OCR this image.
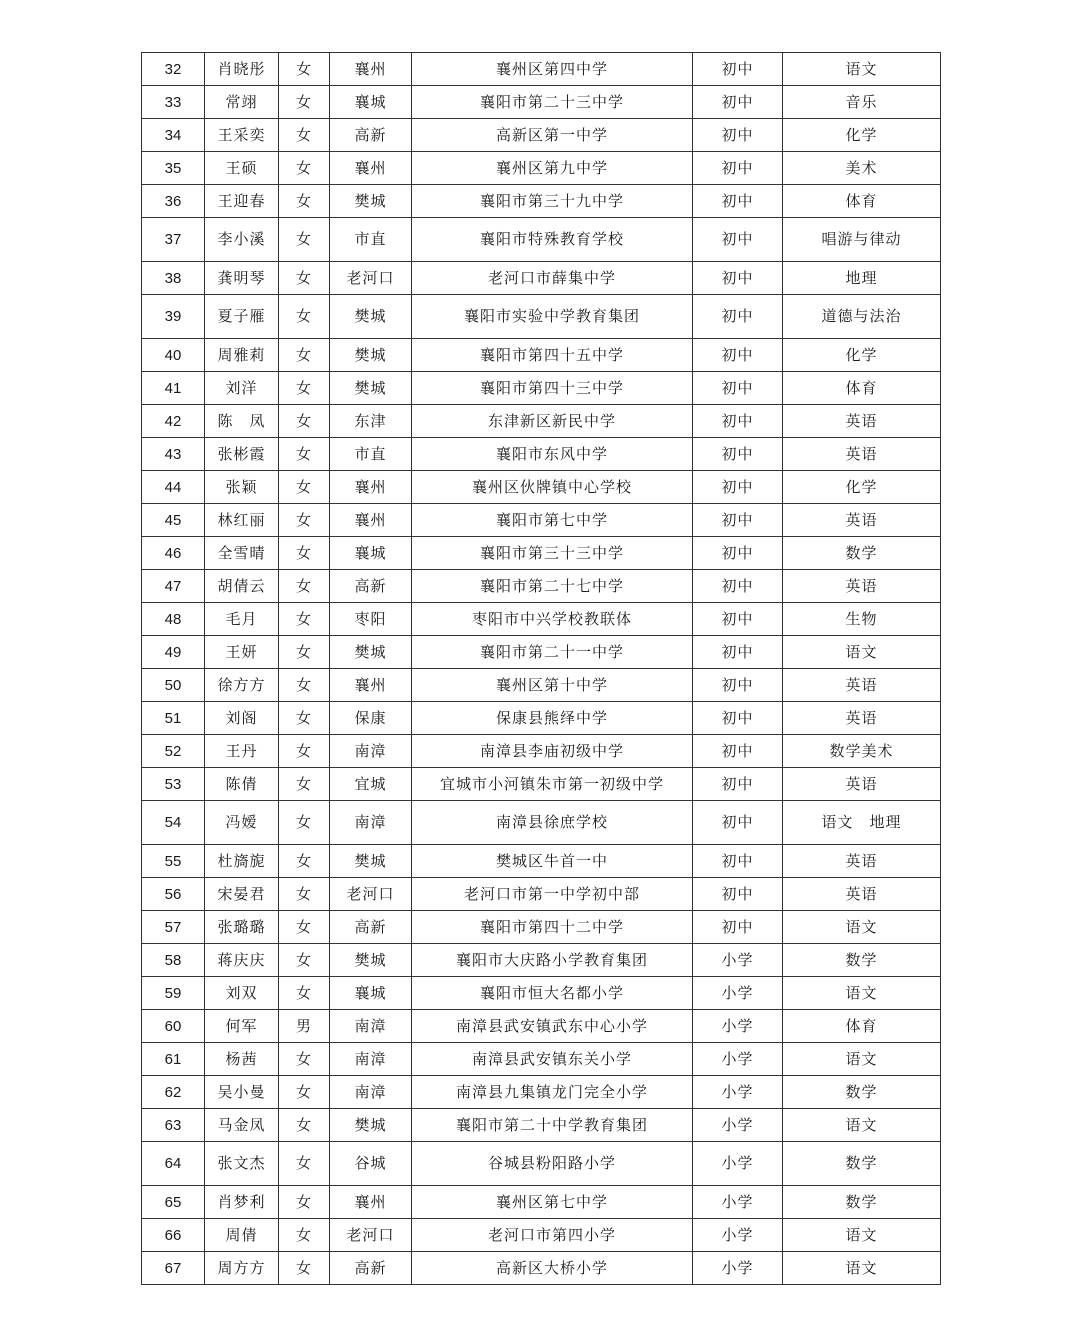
32	肖晓彤	女	襄州	襄州区第四中学	初中	语文
33	常翊	女	襄城	襄阳市第二十三中学	初中	音乐
34	王采奕	女	高新	高新区第一中学	初中	化学
35	王硕	女	襄州	襄州区第九中学	初中	美术
36	王迎春	女	樊城	襄阳市第三十九中学	初中	体育
37	李小溪	女	市直	襄阳市特殊教育学校	初中	唱游与律动
38	龚明琴	女	老河口	老河口市薛集中学	初中	地理
39	夏子雁	女	樊城	襄阳市实验中学教育集团	初中	道德与法治
40	周雅莉	女	樊城	襄阳市第四十五中学	初中	化学
41	刘洋	女	樊城	襄阳市第四十三中学	初中	体育
42	陈　凤	女	东津	东津新区新民中学	初中	英语
43	张彬霞	女	市直	襄阳市东风中学	初中	英语
44	张颖	女	襄州	襄州区伙牌镇中心学校	初中	化学
45	林红丽	女	襄州	襄阳市第七中学	初中	英语
46	全雪晴	女	襄城	襄阳市第三十三中学	初中	数学
47	胡倩云	女	高新	襄阳市第二十七中学	初中	英语
48	毛月	女	枣阳	枣阳市中兴学校教联体	初中	生物
49	王妍	女	樊城	襄阳市第二十一中学	初中	语文
50	徐方方	女	襄州	襄州区第十中学	初中	英语
51	刘阁	女	保康	保康县熊绎中学	初中	英语
52	王丹	女	南漳	南漳县李庙初级中学	初中	数学美术
53	陈倩	女	宜城	宜城市小河镇朱市第一初级中学	初中	英语
54	冯嫒	女	南漳	南漳县徐庶学校	初中	语文　地理
55	杜旖旎	女	樊城	樊城区牛首一中	初中	英语
56	宋晏君	女	老河口	老河口市第一中学初中部	初中	英语
57	张璐璐	女	高新	襄阳市第四十二中学	初中	语文
58	蒋庆庆	女	樊城	襄阳市大庆路小学教育集团	小学	数学
59	刘双	女	襄城	襄阳市恒大名都小学	小学	语文
60	何军	男	南漳	南漳县武安镇武东中心小学	小学	体育
61	杨茜	女	南漳	南漳县武安镇东关小学	小学	语文
62	吴小曼	女	南漳	南漳县九集镇龙门完全小学	小学	数学
63	马金凤	女	樊城	襄阳市第二十中学教育集团	小学	语文
64	张文杰	女	谷城	谷城县粉阳路小学	小学	数学
65	肖梦利	女	襄州	襄州区第七中学	小学	数学
66	周倩	女	老河口	老河口市第四小学	小学	语文
67	周方方	女	高新	高新区大桥小学	小学	语文
